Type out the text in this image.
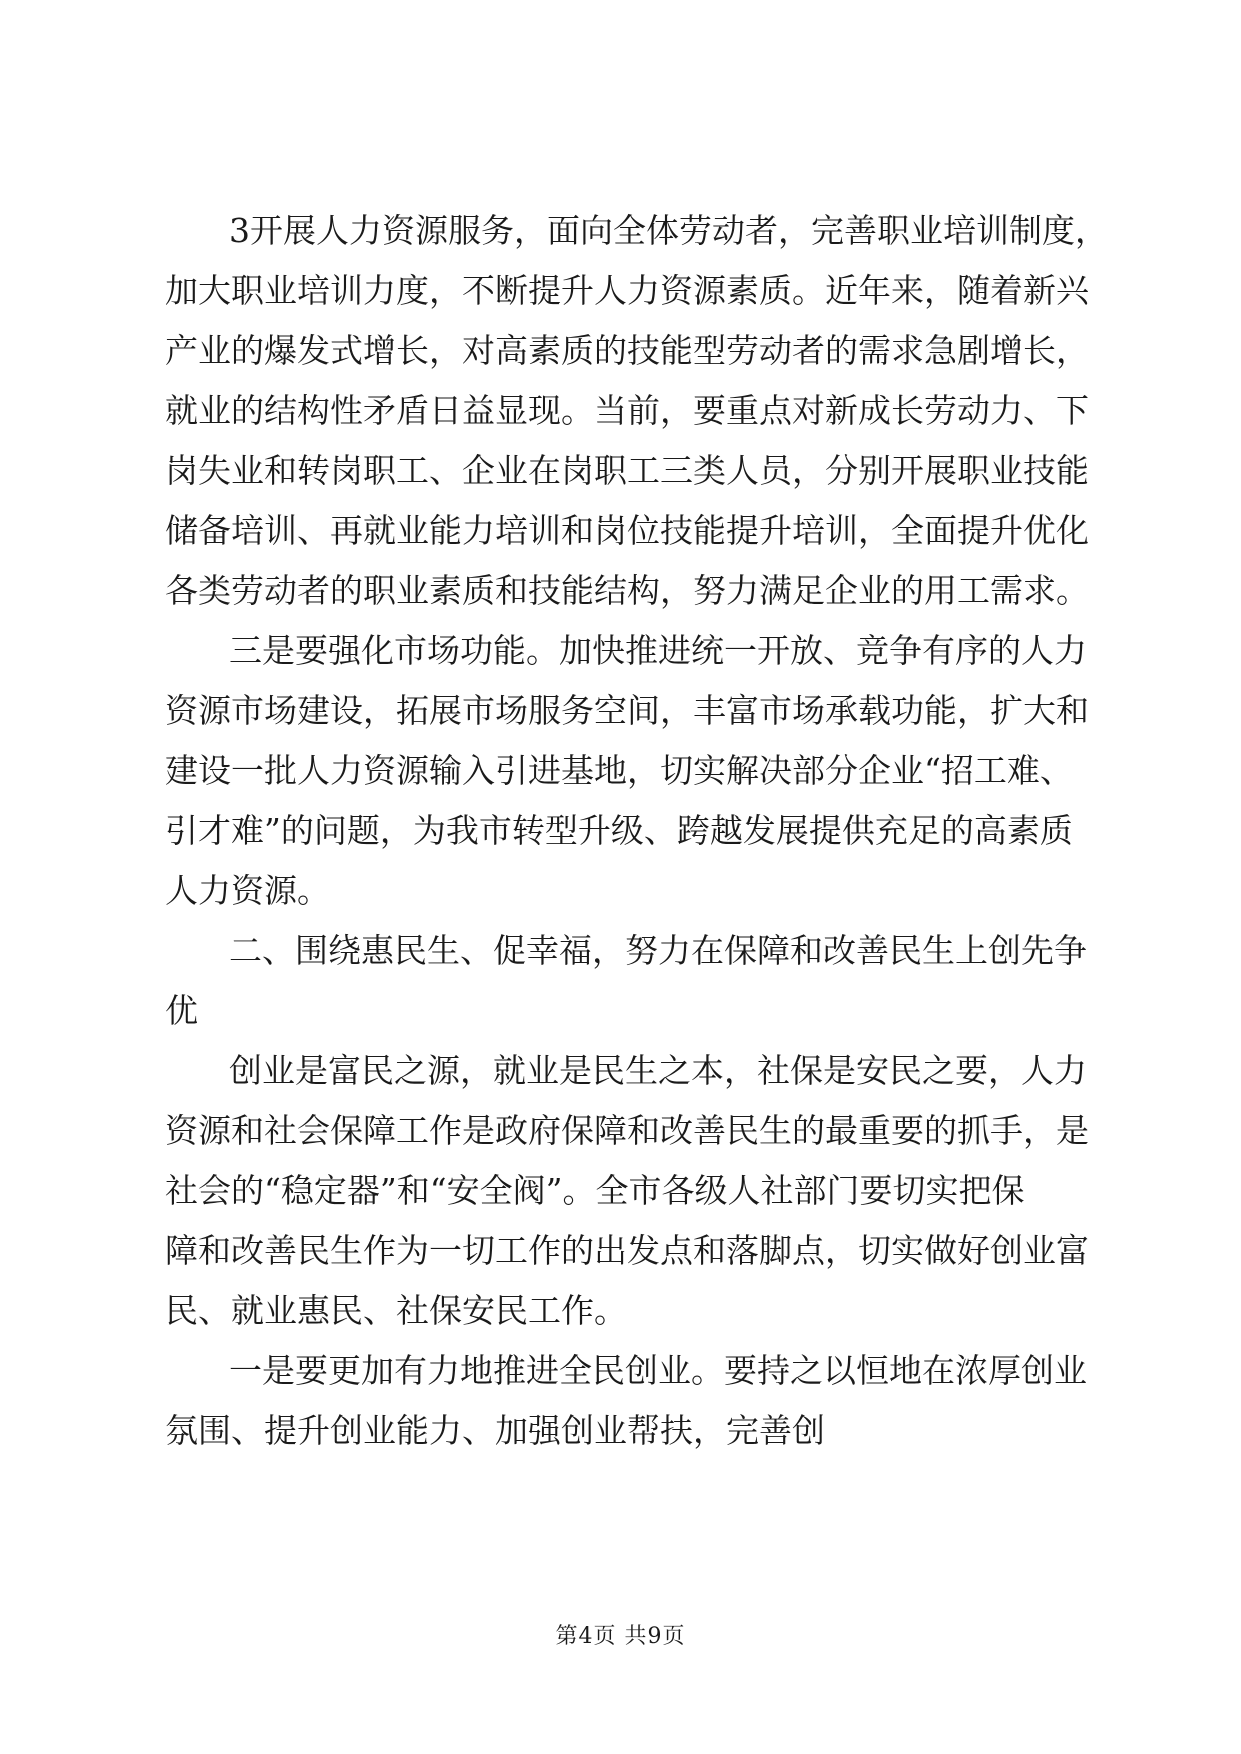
3开展人力资源服务，面向全体劳动者，完善职业培训制度，
加大职业培训力度，不断提升人力资源素质。近年来，随着新兴
产业的爆发式增长，对高素质的技能型劳动者的需求急剧增长，
就业的结构性矛盾日益显现。当前，要重点对新成长劳动力、下
岗失业和转岗职工、企业在岗职工三类人员，分别开展职业技能
储备培训、再就业能力培训和岗位技能提升培训，全面提升优化
各类劳动者的职业素质和技能结构，努力满足企业的用工需求。
三是要强化市场功能。加快推进统一开放、竞争有序的人力
资源市场建设，拓展市场服务空间，丰富市场承载功能，扩大和
建设一批人力资源输入引进基地，切实解决部分企业“招工难、
引才难”的问题，为我市转型升级、跨越发展提供充足的高素质
人力资源。
二、围绕惠民生、促幸福，努力在保障和改善民生上创先争
优
创业是富民之源，就业是民生之本，社保是安民之要，人力
资源和社会保障工作是政府保障和改善民生的最重要的抓手，是
社会的“稳定器”和“安全阀”。全市各级人社部门要切实把保
障和改善民生作为一切工作的出发点和落脚点，切实做好创业富
民、就业惠民、社保安民工作。
一是要更加有力地推进全民创业。要持之以恒地在浓厚创业
氛围、提升创业能力、加强创业帮扶，完善创
第4页 共9页
